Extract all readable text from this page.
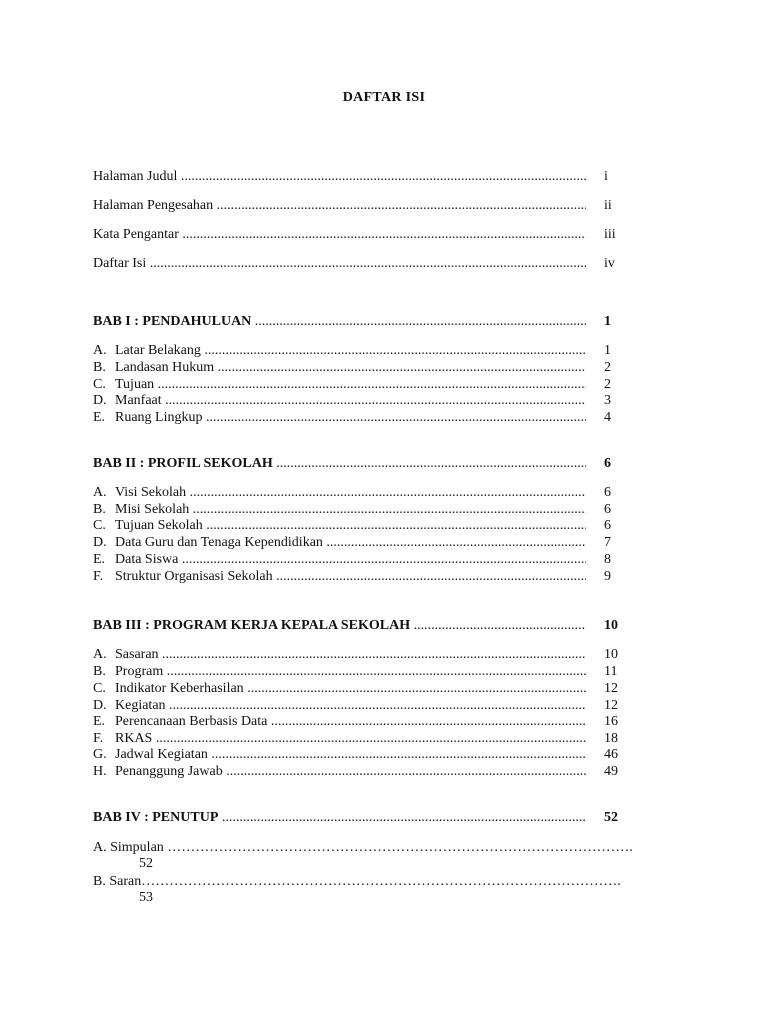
DAFTAR ISI
Halaman Judul .....	i
Halaman Pengesahan .....	ii
Kata Pengantar .....	iii
Daftar Isi .....	iv
BAB I : PENDAHULUAN .....	1
A. Latar Belakang .....	1
B. Landasan Hukum .....	2
C. Tujuan .....	2
D. Manfaat .....	3
E. Ruang Lingkup .....	4
BAB II : PROFIL SEKOLAH .....	6
A. Visi Sekolah .....	6
B. Misi Sekolah .....	6
C. Tujuan Sekolah .....	6
D. Data Guru dan Tenaga Kependidikan .....	7
E. Data Siswa .....	8
F. Struktur Organisasi Sekolah .....	9
BAB III : PROGRAM KERJA KEPALA SEKOLAH .....	10
A. Sasaran .....	10
B. Program .....	11
C. Indikator Keberhasilan .....	12
D. Kegiatan .....	12
E. Perencanaan Berbasis Data .....	16
F. RKAS .....	18
G. Jadwal Kegiatan .....	46
H. Penanggung Jawab .....	49
BAB IV : PENUTUP .....	52
A. Simpulan ……………………………………………………………………………………….
52
B. Saran………………………………………………………………………………………….
53
